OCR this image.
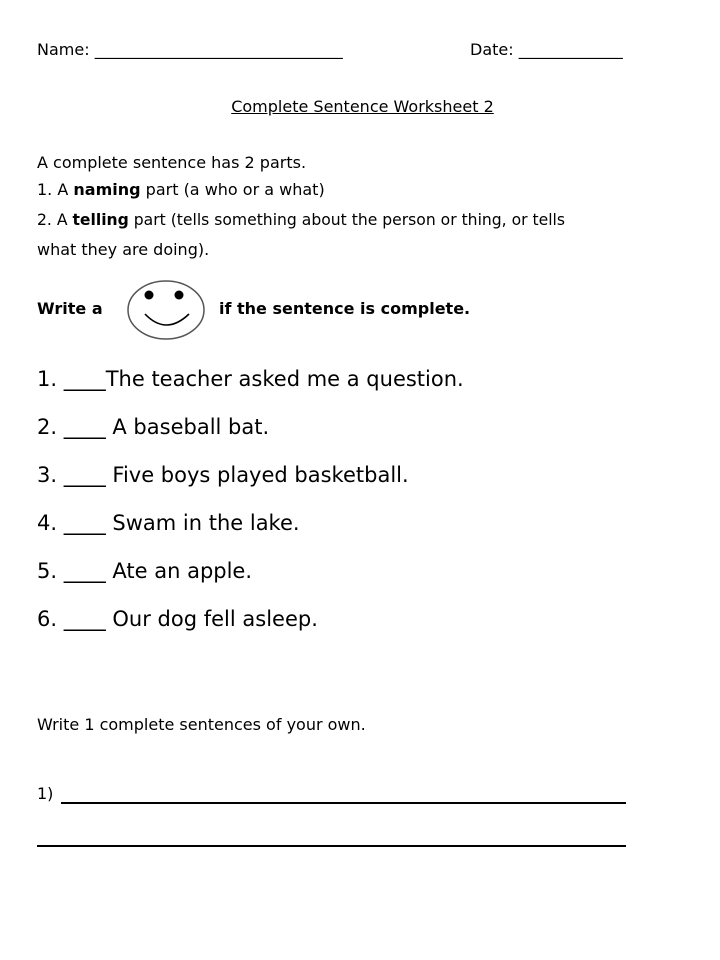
Name: _______________________________	Date: _____________
Complete Sentence Worksheet 2
A complete sentence has 2 parts.
1. A naming part (a who or a what)
2. A telling part (tells something about the person or thing, or tells
what they are doing).
Write a	if the sentence is complete.
1. ____The teacher asked me a question.
2. ____ A baseball bat.
3. ____ Five boys played basketball.
4. ____ Swam in the lake.
5. ____ Ate an apple.
6. ____ Our dog fell asleep.
Write 1 complete sentences of your own.
1)
